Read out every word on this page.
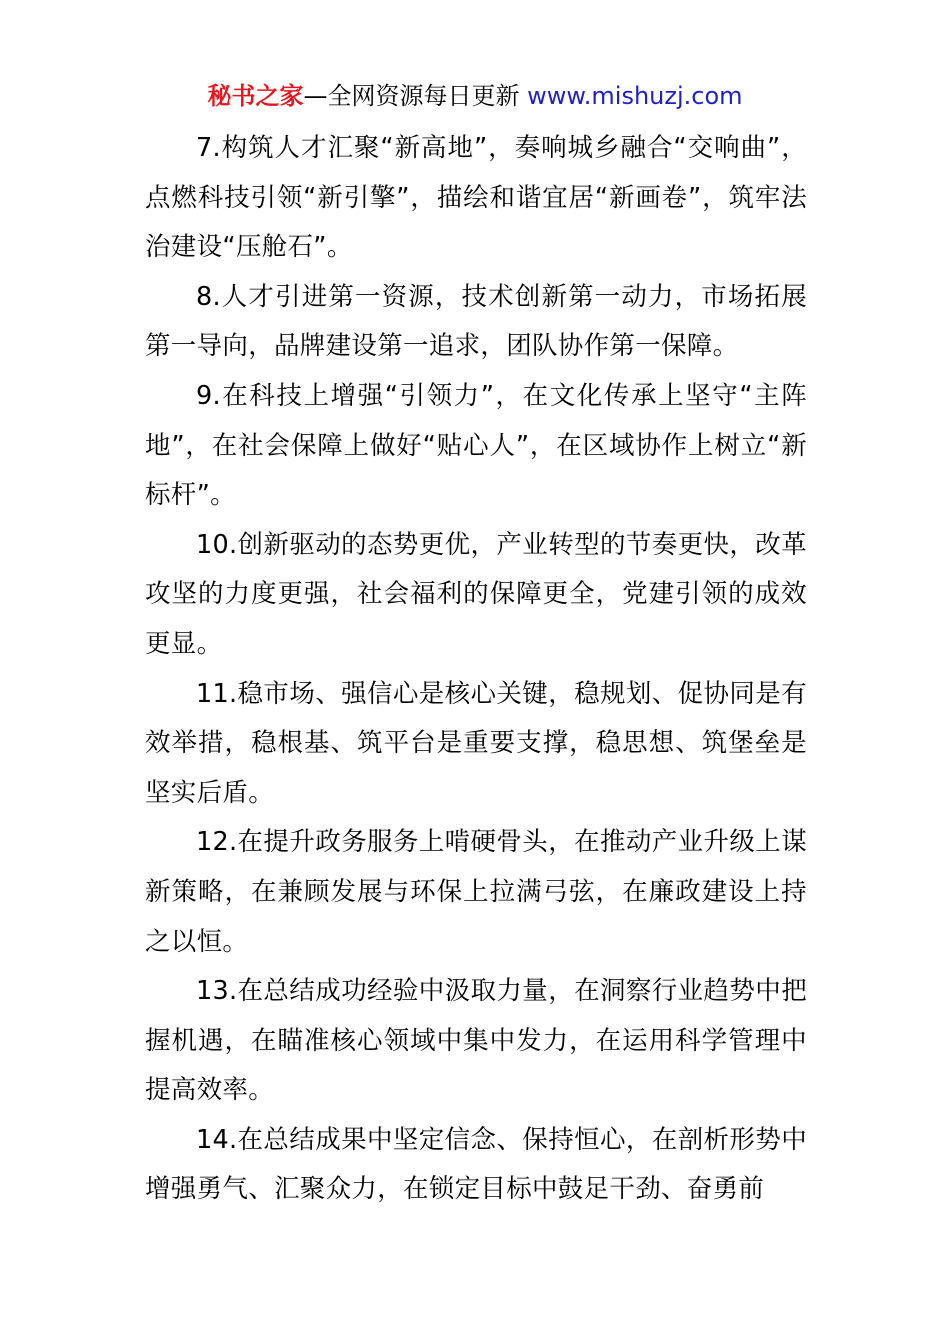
秘书之家—全网资源每日更新 www.mishuzj.com

7.构筑人才汇聚“新高地”，奏响城乡融合“交响曲”，点燃科技引领“新引擎”，描绘和谐宜居“新画卷”，筑牢法治建设“压舱石”。

8.人才引进第一资源，技术创新第一动力，市场拓展第一导向，品牌建设第一追求，团队协作第一保障。

9.在科技上增强“引领力”，在文化传承上坚守“主阵地”，在社会保障上做好“贴心人”，在区域协作上树立“新标杆”。

10.创新驱动的态势更优，产业转型的节奏更快，改革攻坚的力度更强，社会福利的保障更全，党建引领的成效更显。

11.稳市场、强信心是核心关键，稳规划、促协同是有效举措，稳根基、筑平台是重要支撑，稳思想、筑堡垒是坚实后盾。

12.在提升政务服务上啃硬骨头，在推动产业升级上谋新策略，在兼顾发展与环保上拉满弓弦，在廉政建设上持之以恒。

13.在总结成功经验中汲取力量，在洞察行业趋势中把握机遇，在瞄准核心领域中集中发力，在运用科学管理中提高效率。

14.在总结成果中坚定信念、保持恒心，在剖析形势中增强勇气、汇聚众力，在锁定目标中鼓足干劲、奋勇前
